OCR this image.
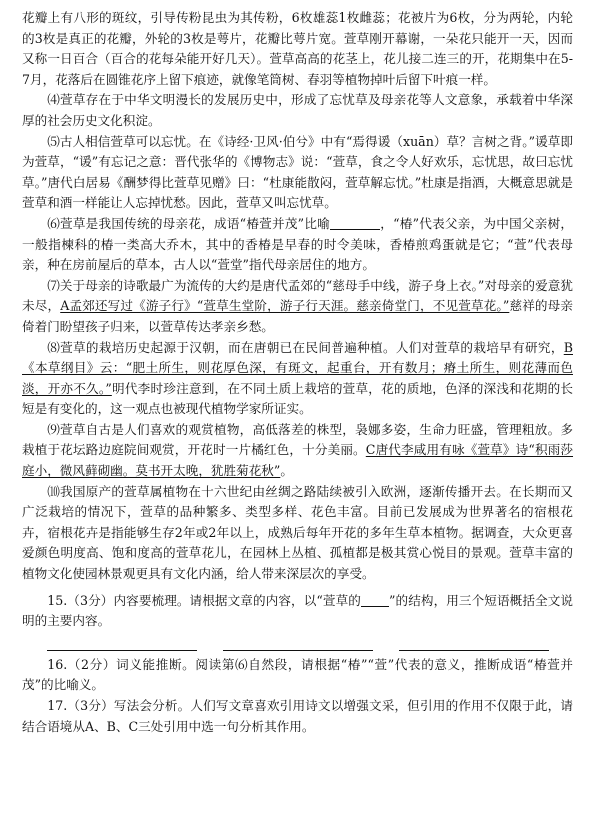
花瓣上有八形的斑纹，引导传粉昆虫为其传粉，6枚雄蕊1枚雌蕊；花被片为6枚，分为两轮，内轮的3枚是真正的花瓣，外轮的3枚是萼片，花瓣比萼片宽。萱草刚开幕谢，一朵花只能开一天，因而又称一日百合（百合的花每朵能开好几天）。萱草高高的花茎上，花儿接二连三的开，花期集中在5-7月，花落后在圆锥花序上留下痕迹，就像笔筒树、春羽等植物掉叶后留下叶痕一样。

⑷萱草存在于中华文明漫长的发展历史中，形成了忘忧草及母亲花等人文意象，承载着中华深厚的社会历史文化积淀。

⑸古人相信萱草可以忘忧。在《诗经·卫风·伯兮》中有“焉得谖（xuān）草？言树之背。”谖草即为萱草，“谖”有忘记之意：晋代张华的《博物志》说：“萱草，食之令人好欢乐，忘忧思，故曰忘忧草。”唐代白居易《酬梦得比萱草见赠》曰：“杜康能散闷，萱草解忘忧。”杜康是指酒，大概意思就是萱草和酒一样能让人忘掉忧愁。因此，萱草又叫忘忧草。

⑹萱草是我国传统的母亲花，成语“椿萱并茂”比喻	，“椿”代表父亲，为中国父亲树，一般指楝科的椿一类高大乔木，其中的香椿是早春的时令美味，香椿煎鸡蛋就是它；“萱”代表母亲，种在房前屋后的草本，古人以“萱堂”指代母亲居住的地方。

⑺关于母亲的诗歌最广为流传的大约是唐代孟郊的“慈母手中线，游子身上衣。”对母亲的爱意犹未尽，A孟郊还写过《游子行》“萱草生堂阶，游子行天涯。慈亲倚堂门，不见萱草花。”慈祥的母亲倚着门盼望孩子归来，以萱草传达孝亲乡愁。

⑻萱草的栽培历史起源于汉朝，而在唐朝已在民间普遍种植。人们对萱草的栽培早有研究，B《本草纲目》云：“肥土所生，则花厚色深，有斑文，起重台，开有数月；瘠土所生，则花薄而色淡，开亦不久。”明代李时珍注意到，在不同土质上栽培的萱草，花的质地，色泽的深浅和花期的长短是有变化的，这一观点也被现代植物学家所证实。

⑼萱草自古是人们喜欢的观赏植物，高低落差的株型，袅娜多姿，生命力旺盛，管理粗放。多栽植于花坛路边庭院间观赏，开花时一片橘红色，十分美丽。C唐代李咸用有咏《萱草》诗“积雨莎庭小，微风藓砌幽。莫书开太晚，犹胜菊花秋”。

⑽我国原产的萱草属植物在十六世纪由丝绸之路陆续被引入欧洲，逐渐传播开去。在长期而又广泛栽培的情况下，萱草的品种繁多、类型多样、花色丰富。目前已发展成为世界著名的宿根花卉，宿根花卉是指能够生存2年或2年以上，成熟后每年开花的多年生草本植物。据调查，大众更喜爱颜色明度高、饱和度高的萱草花儿，在园林上丛植、孤植都是极其赏心悦目的景观。萱草丰富的植物文化使园林景观更具有文化内涵，给人带来深层次的享受。

15.（3分）内容要梳理。请根据文章的内容，以“萱草的 ”的结构，用三个短语概括全文说明的主要内容。

16.（2分）词义能推断。阅读第⑹自然段，请根据“椿”“萱”代表的意义，推断成语“椿萱并茂”的比喻义。

17.（3分）写法会分析。人们写文章喜欢引用诗文以增强文采，但引用的作用不仅限于此，请结合语境从A、B、C三处引用中选一句分析其作用。
